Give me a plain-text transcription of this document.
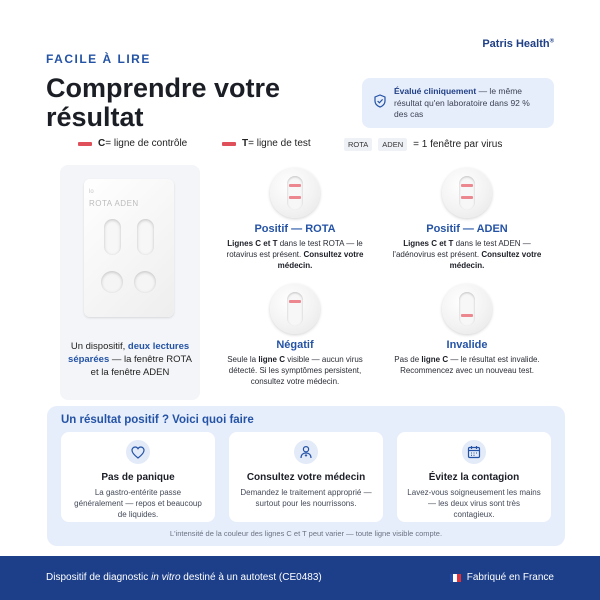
FACILE À LIRE
Patris Health®
Comprendre votre résultat
Évalué cliniquement — le même résultat qu'en laboratoire dans 92 % des cas
C = ligne de contrôle	T = ligne de test	ROTA	ADEN	= 1 fenêtre par virus
lo
ROTA ADEN
Un dispositif, deux lectures séparées — la fenêtre ROTA et la fenêtre ADEN
Positif — ROTA
Lignes C et T dans le test ROTA — le rotavirus est présent. Consultez votre médecin.
Positif — ADEN
Lignes C et T dans le test ADEN — l'adénovirus est présent. Consultez votre médecin.
Négatif
Seule la ligne C visible — aucun virus détecté. Si les symptômes persistent, consultez votre médecin.
Invalide
Pas de ligne C — le résultat est invalide. Recommencez avec un nouveau test.
Un résultat positif ? Voici quoi faire
Pas de panique
La gastro-entérite passe généralement — repos et beaucoup de liquides.
Consultez votre médecin
Demandez le traitement approprié — surtout pour les nourrissons.
Évitez la contagion
Lavez-vous soigneusement les mains — les deux virus sont très contagieux.
L'intensité de la couleur des lignes C et T peut varier — toute ligne visible compte.
Dispositif de diagnostic in vitro destiné à un autotest (CE0483)	Fabriqué en France
